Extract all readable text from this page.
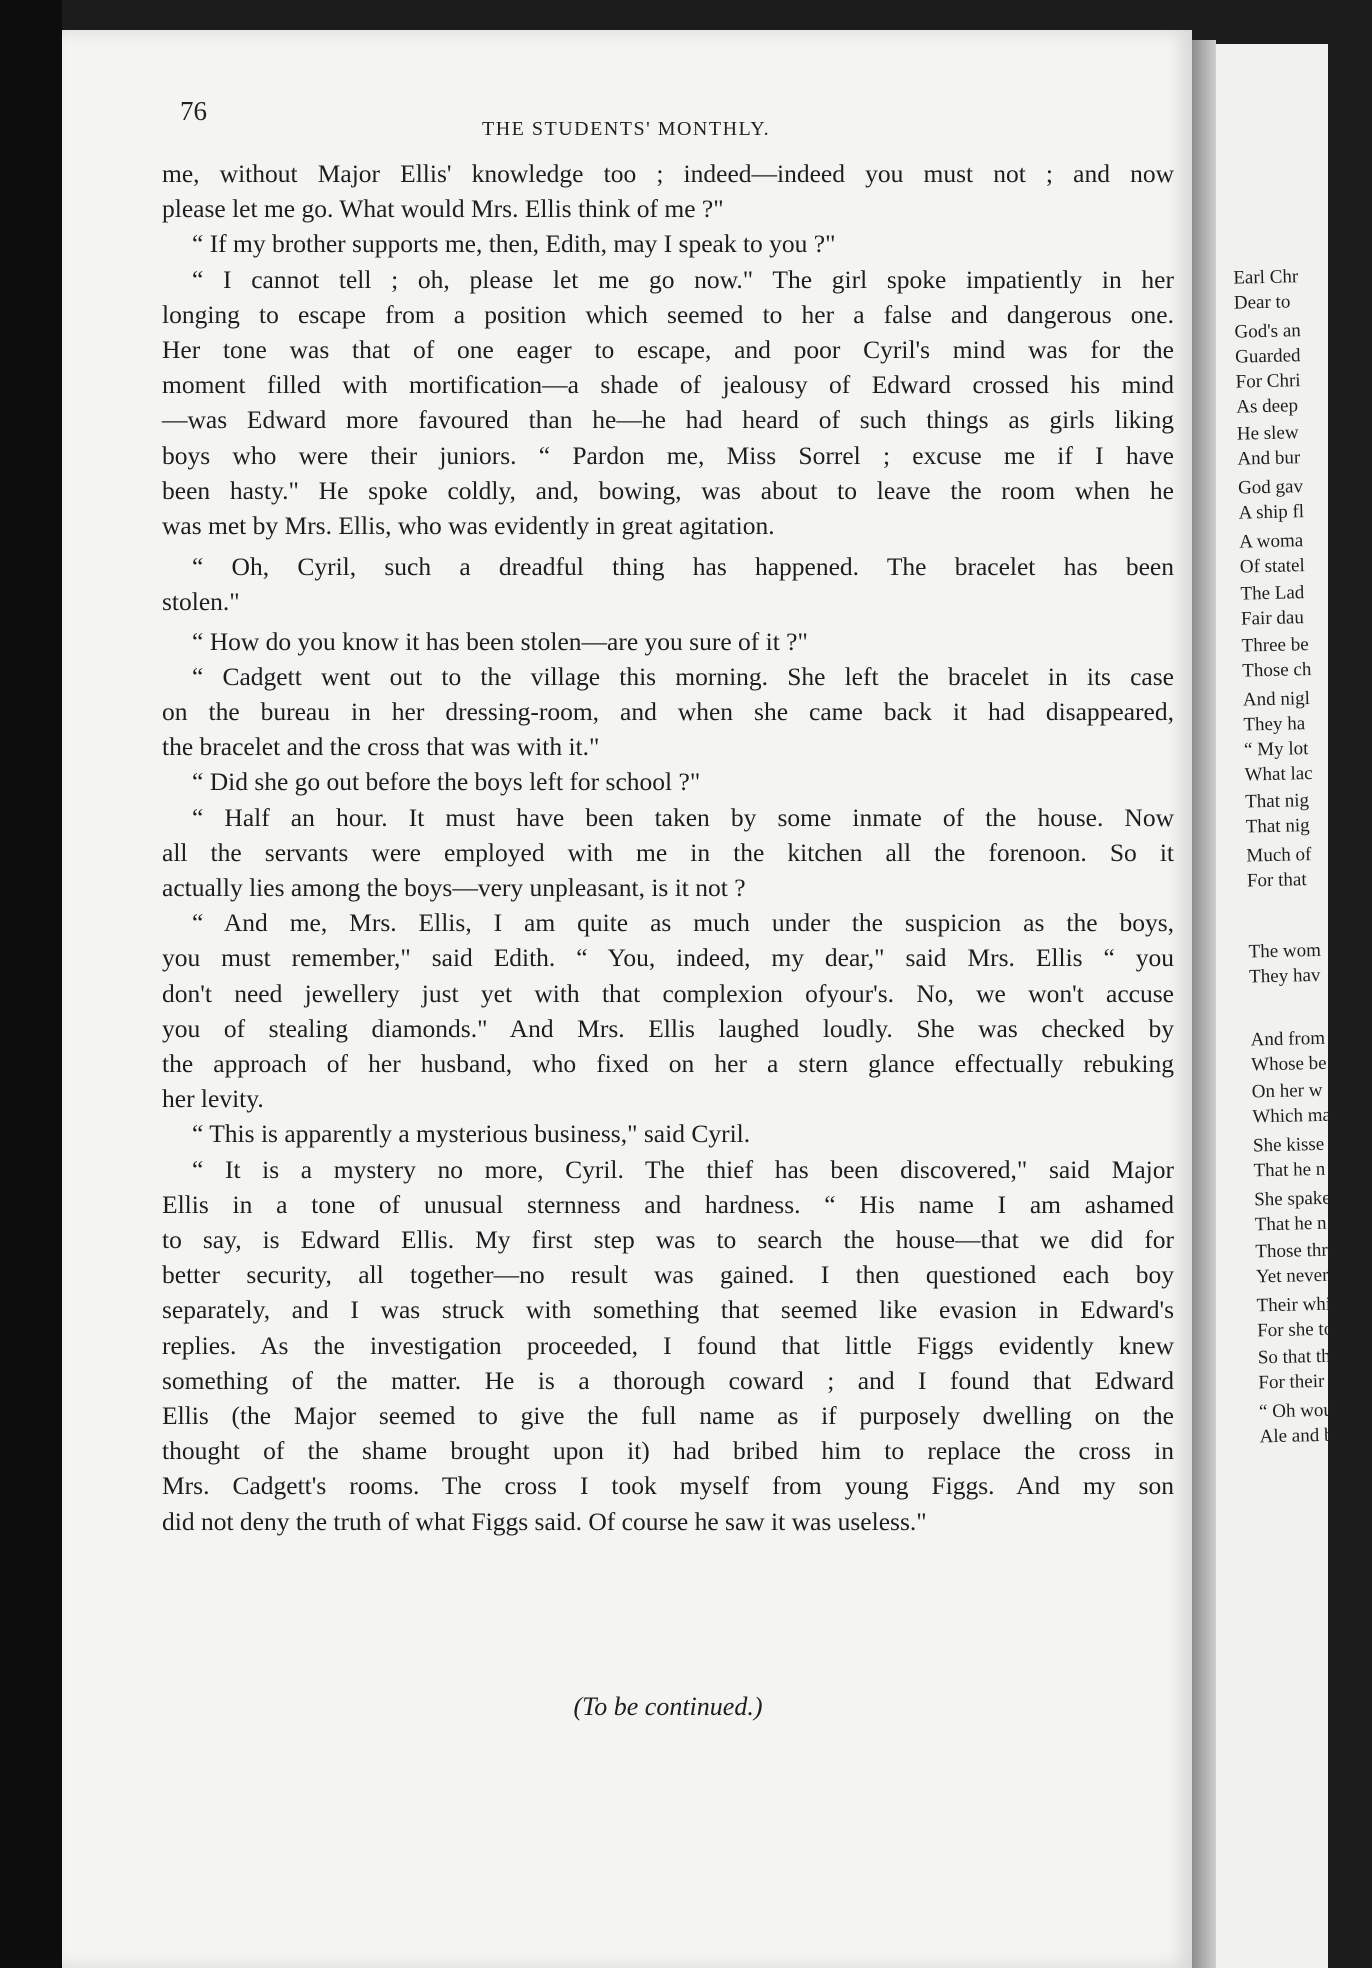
76
THE STUDENTS' MONTHLY.
me, without Major Ellis' knowledge too ; indeed—indeed you must not ; and now
please let me go. What would Mrs. Ellis think of me ?"
“ If my brother supports me, then, Edith, may I speak to you ?"
“ I cannot tell ; oh, please let me go now." The girl spoke impatiently in her
longing to escape from a position which seemed to her a false and dangerous one.
Her tone was that of one eager to escape, and poor Cyril's mind was for the
moment filled with mortification—a shade of jealousy of Edward crossed his mind
—was Edward more favoured than he—he had heard of such things as girls liking
boys who were their juniors. “ Pardon me, Miss Sorrel ; excuse me if I have
been hasty." He spoke coldly, and, bowing, was about to leave the room when he
was met by Mrs. Ellis, who was evidently in great agitation.
“ Oh, Cyril, such a dreadful thing has happened. The bracelet has been
stolen."
“ How do you know it has been stolen—are you sure of it ?"
“ Cadgett went out to the village this morning. She left the bracelet in its case
on the bureau in her dressing-room, and when she came back it had disappeared,
the bracelet and the cross that was with it."
“ Did she go out before the boys left for school ?"
“ Half an hour. It must have been taken by some inmate of the house. Now
all the servants were employed with me in the kitchen all the forenoon. So it
actually lies among the boys—very unpleasant, is it not ?
“ And me, Mrs. Ellis, I am quite as much under the suspicion as the boys,
you must remember," said Edith. “ You, indeed, my dear," said Mrs. Ellis “ you
don't need jewellery just yet with that complexion ofyour's. No, we won't accuse
you of stealing diamonds." And Mrs. Ellis laughed loudly. She was checked by
the approach of her husband, who fixed on her a stern glance effectually rebuking
her levity.
“ This is apparently a mysterious business," said Cyril.
“ It is a mystery no more, Cyril. The thief has been discovered," said Major
Ellis in a tone of unusual sternness and hardness. “ His name I am ashamed
to say, is Edward Ellis. My first step was to search the house—that we did for
better security, all together—no result was gained. I then questioned each boy
separately, and I was struck with something that seemed like evasion in Edward's
replies. As the investigation proceeded, I found that little Figgs evidently knew
something of the matter. He is a thorough coward ; and I found that Edward
Ellis (the Major seemed to give the full name as if purposely dwelling on the
thought of the shame brought upon it) had bribed him to replace the cross in
Mrs. Cadgett's rooms. The cross I took myself from young Figgs. And my son
did not deny the truth of what Figgs said. Of course he saw it was useless."
(To be continued.)
Earl Chr
Dear to
God's an
Guarded
For Chri
As deep
He slew
And bur
God gav
A ship fl
A woma
Of statel
The Lad
Fair dau
Three be
Those ch
And nigl
They ha
“ My lot
What lac
That nig
That nig
Much of
For that
The wom
They hav
And from
Whose be
On her w
Which ma
She kisse
That he n
She spake
That he n
Those thre
Yet never
Their whi
For she to
So that th
For their
“ Oh woul
Ale and b
